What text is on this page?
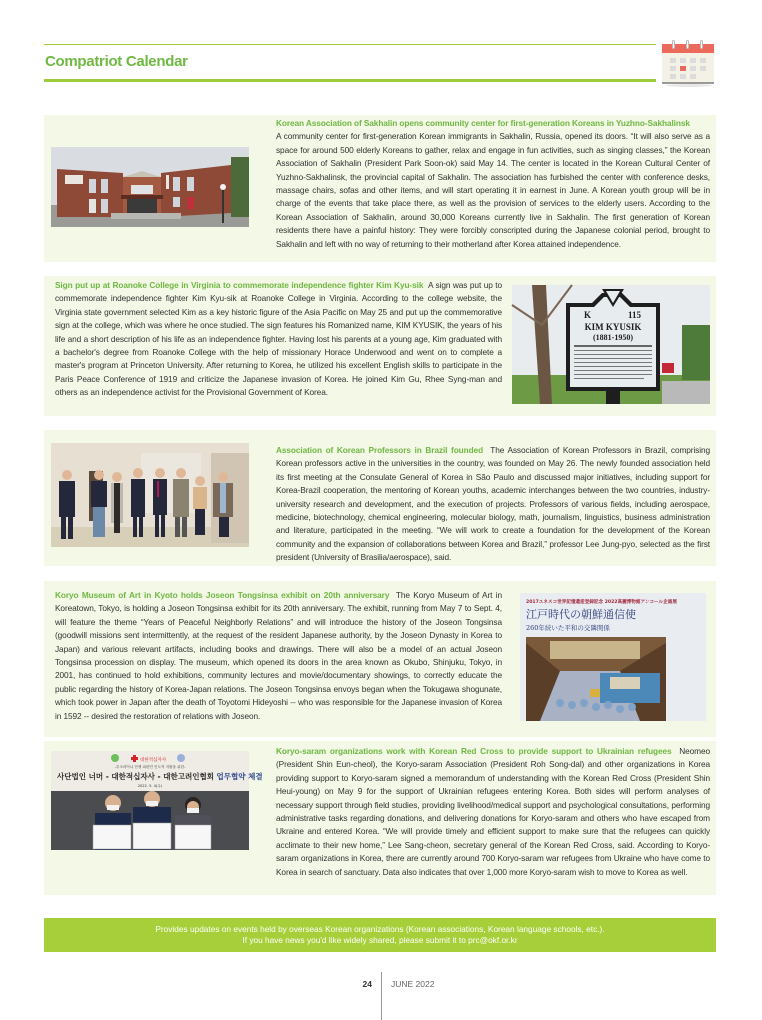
Compatriot Calendar
Korean Association of Sakhalin opens community center for first-generation Koreans in Yuzhno-Sakhalinsk
A community center for first-generation Korean immigrants in Sakhalin, Russia, opened its doors. “It will also serve as a space for around 500 elderly Koreans to gather, relax and engage in fun activities, such as singing classes,” the Korean Association of Sakhalin (President Park Soon-ok) said May 14. The center is located in the Korean Cultural Center of Yuzhno-Sakhalinsk, the provincial capital of Sakhalin. The association has furbished the center with conference desks, massage chairs, sofas and other items, and will start operating it in earnest in June. A Korean youth group will be in charge of the events that take place there, as well as the provision of services to the elderly users. According to the Korean Association of Sakhalin, around 30,000 Koreans currently live in Sakhalin. The first generation of Korean residents there have a painful history: They were forcibly conscripted during the Japanese colonial period, brought to Sakhalin and left with no way of returning to their motherland after Korea attained independence.
Sign put up at Roanoke College in Virginia to commemorate independence fighter Kim Kyu-sik A sign was put up to commemorate independence fighter Kim Kyu-sik at Roanoke College in Virginia. According to the college website, the Virginia state government selected Kim as a key historic figure of the Asia Pacific on May 25 and put up the commemorative sign at the college, which was where he once studied. The sign features his Romanized name, KIM KYUSIK, the years of his life and a short description of his life as an independence fighter. Having lost his parents at a young age, Kim graduated with a bachelor's degree from Roanoke College with the help of missionary Horace Underwood and went on to complete a master's program at Princeton University. After returning to Korea, he utilized his excellent English skills to participate in the Paris Peace Conference of 1919 and criticize the Japanese invasion of Korea. He joined Kim Gu, Rhee Syng-man and others as an independence activist for the Provisional Government of Korea.
K	115
KIM KYUSIK
(1881-1950)
Association of Korean Professors in Brazil founded The Association of Korean Professors in Brazil, comprising Korean professors active in the universities in the country, was founded on May 26. The newly founded association held its first meeting at the Consulate General of Korea in São Paulo and discussed major initiatives, including support for Korea-Brazil cooperation, the mentoring of Korean youths, academic interchanges between the two countries, industry-university research and development, and the execution of projects. Professors of various fields, including aerospace, medicine, biotechnology, chemical engineering, molecular biology, math, journalism, linguistics, business administration and literature, participated in the meeting. “We will work to create a foundation for the development of the Korean community and the expansion of collaborations between Korea and Brazil,” professor Lee Jung-pyo, selected as the first president (University of Brasilia/aerospace), said.
Koryo Museum of Art in Kyoto holds Joseon Tongsinsa exhibit on 20th anniversary The Koryo Museum of Art in Koreatown, Tokyo, is holding a Joseon Tongsinsa exhibit for its 20th anniversary. The exhibit, running from May 7 to Sept. 4, will feature the theme “Years of Peaceful Neighborly Relations” and will introduce the history of the Joseon Tongsinsa (goodwill missions sent intermittently, at the request of the resident Japanese authority, by the Joseon Dynasty in Korea to Japan) and various relevant artifacts, including books and drawings. There will also be a model of an actual Joseon Tongsinsa procession on display. The museum, which opened its doors in the area known as Okubo, Shinjuku, Tokyo, in 2001, has continued to hold exhibitions, community lectures and movie/documentary showings, to correctly educate the public regarding the history of Korea-Japan relations. The Joseon Tongsinsa envoys began when the Tokugawa shogunate, which took power in Japan after the death of Toyotomi Hideyoshi -- who was responsible for the Japanese invasion of Korea in 1592 -- desired the restoration of relations with Joseon.
2017ユネスコ世界記憶遺産登録記念 2022高麗博物館アンコール企画展
江戸時代の朝鮮通信使
260年続いた平和の交隣関係
대한적십자사
-우크라이나 전쟁 피란민 인도적 지원을 위한-
사단법인 너머 - 대한적십자사 - 대한고려인협회 업무협약 체결
2022. 5. 4(수)
Koryo-saram organizations work with Korean Red Cross to provide support to Ukrainian refugees Neomeo (President Shin Eun-cheol), the Koryo-saram Association (President Roh Song-dal) and other organizations in Korea providing support to Koryo-saram signed a memorandum of understanding with the Korean Red Cross (President Shin Heui-young) on May 9 for the support of Ukrainian refugees entering Korea. Both sides will perform analyses of necessary support through field studies, providing livelihood/medical support and psychological consultations, performing administrative tasks regarding donations, and delivering donations for Koryo-saram and others who have escaped from Ukraine and entered Korea. “We will provide timely and efficient support to make sure that the refugees can quickly acclimate to their new home,” Lee Sang-cheon, secretary general of the Korean Red Cross, said. According to Koryo-saram organizations in Korea, there are currently around 700 Koryo-saram war refugees from Ukraine who have come to Korea in search of sanctuary. Data also indicates that over 1,000 more Koryo-saram wish to move to Korea as well.
Provides updates on events held by overseas Korean organizations (Korean associations, Korean language schools, etc.).
If you have news you'd like widely shared, please submit it to prc@okf.or.kr
24 JUNE 2022
